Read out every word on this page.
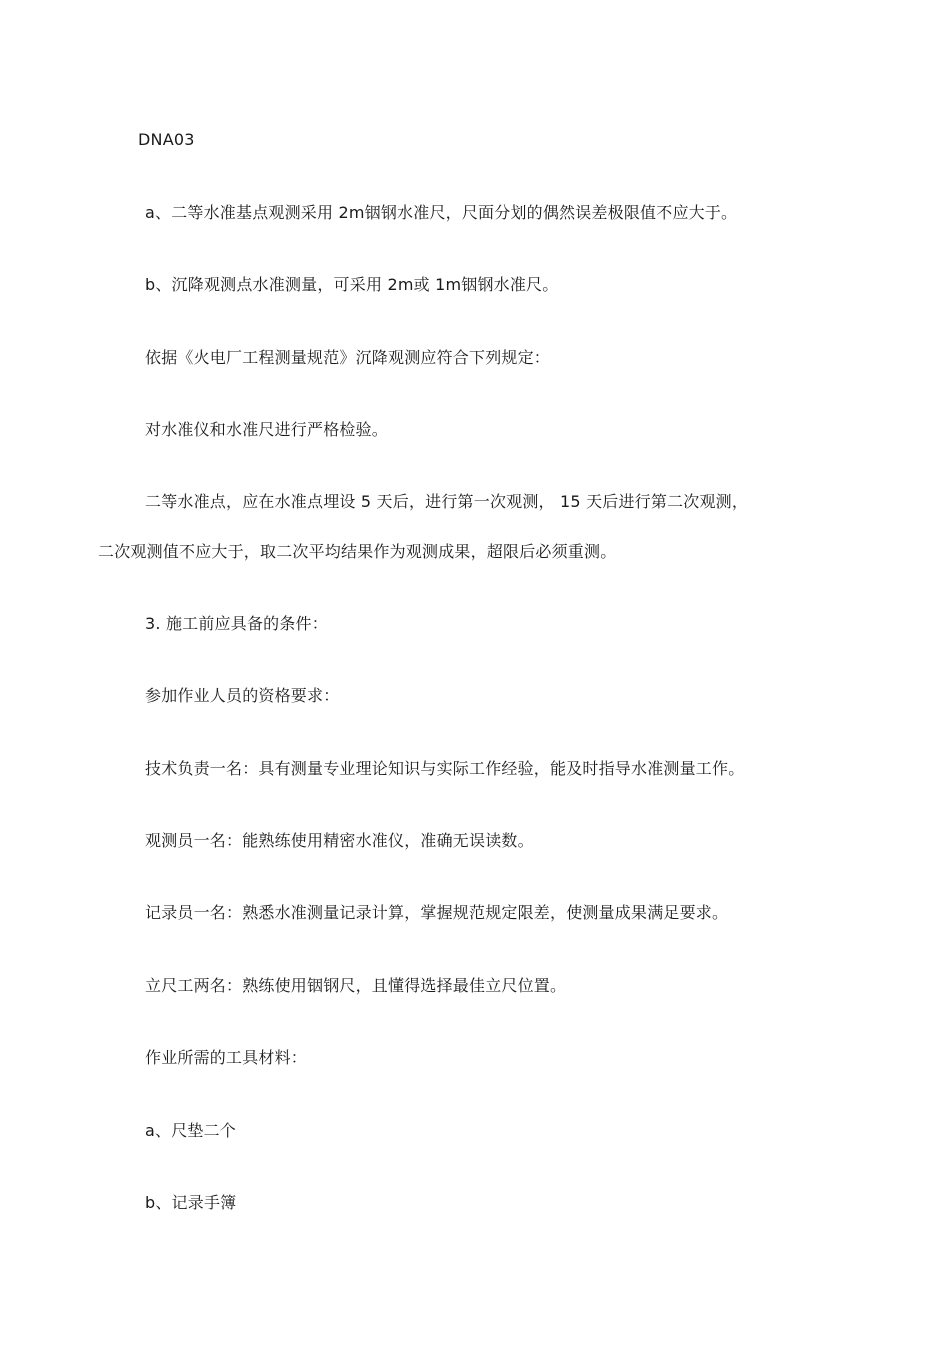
DNA03
a、二等水准基点观测采用 2m铟钢水准尺，尺面分划的偶然误差极限值不应大于。
b、沉降观测点水准测量，可采用 2m或 1m铟钢水准尺。
依据《火电厂工程测量规范》沉降观测应符合下列规定：
对水准仪和水准尺进行严格检验。
二等水准点，应在水准点埋设 5 天后，进行第一次观测， 15 天后进行第二次观测，
二次观测值不应大于，取二次平均结果作为观测成果，超限后必须重测。
3. 施工前应具备的条件：
参加作业人员的资格要求：
技术负责一名：具有测量专业理论知识与实际工作经验，能及时指导水准测量工作。
观测员一名：能熟练使用精密水准仪，准确无误读数。
记录员一名：熟悉水准测量记录计算，掌握规范规定限差，使测量成果满足要求。
立尺工两名：熟练使用铟钢尺，且懂得选择最佳立尺位置。
作业所需的工具材料：
a、尺垫二个
b、记录手簿
